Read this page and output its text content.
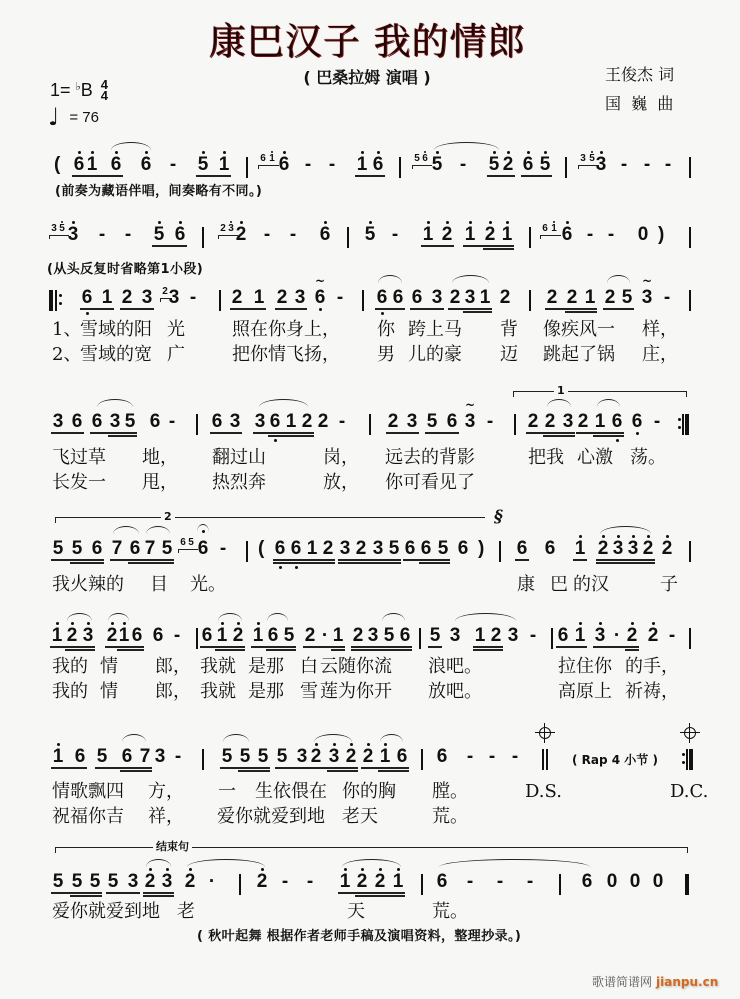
康巴汉子 我的情郎
( 巴桑拉姆 演唱 )	王俊杰 词
国  巍  曲
1= ♭ B 4
4
♩ = 76
( 6 1 6 6 - 5 1	6 1 6 - - 1 6	5 6 5 - 5 2 6 5	3 5 3 - - -
(前奏为藏语伴唱，间奏略有不同。)
3 5 3 - - 5 6	2 3 2 - - 6 5 - 1 2 1 2 1	6 1 6 - - 0 )
(从头反复时省略第1小段)
6 1 2 3 2 3 - 2 1 2 3 6
~
- 6 6 6 3 2 3 1 2 2 2 1 2 5 3
~
-
1、
雪域的阳 光	照在你身上， 你 跨上马 背 像疾风一 样，
2、
雪域的宽 广	把你情飞扬， 男 儿的豪 迈 跳起了锅 庄，
3 6 6 3 5 6 - 6 3 3 6 1 2 2 - 2 3 5 6 3
~
-
1
2 2 3 2 1 6 6 -
飞过草 地， 翻过山	岗， 远去的背影	把我 心激 荡。
长发一 甩， 热烈奔	放， 你可看见了
2	§
5 5 6 7 6 7 5 6 5 6 - ( 6 6 1 2 3 2 3 5 6 6 5 6 ) 6 6 1 2 3 3 2 2
我火辣的 目 光。	康 巴 的汉	子
1 2 3 2 1 6 6 - 6 1 2 1 6 5 2 · 1 2 3 5 6 5 3 1 2 3 - 6 1 3 · 2 2 -
我的 情 郎， 我就 是那 白 云随你流 浪吧。	拉住你 的手，
我的 情 郎， 我就 是那 雪 莲为你开 放吧。	高原上 祈祷，
1 6 5 6 7 3 - 5 5 5 5 3 2 3 2 2 1 6 6 - - -	( Rap 4 小节 )
情歌飘四 方， 一 生依偎在 你的胸 膛。	D.S.	D.C.
祝福你吉 祥， 爱你就爱到地 老天	荒。
结束句
5 5 5 5 3 2 3 2 · 2 - - 1 2 2 1 6 - - -	6 0 0 0
爱你就爱到地 老	天	荒。
( 秋叶起舞 根据作者老师手稿及演唱资料，整理抄录。)
歌谱简谱网 jianpu.cn
